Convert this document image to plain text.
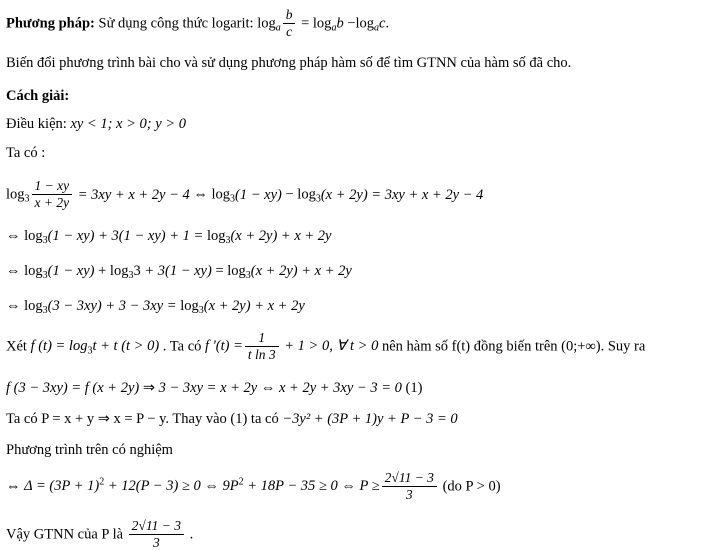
Phương pháp: Sử dụng công thức logarit: $\log_a \frac{b}{c} = \log_ab -\log_ac$.
Biến đổi phương trình bài cho và sử dụng phương pháp hàm số để tìm GTNN của hàm số đã cho.
Cách giải:
Điều kiện: xy < 1; x > 0; y > 0
Ta có :
$\log_3 \frac{1 - xy}{x + 2y} = 3xy + x + 2y - 4$ ⇔ $\log_3(1 - xy) - \log_3(x + 2y) = 3xy + x + 2y - 4$
⇔ $\log_3(1 - xy) + 3(1 - xy) + 1 = \log_3(x + 2y) + x + 2y$
⇔ $\log_3(1 - xy) + \log_33 + 3(1 - xy) = \log_3(x + 2y) + x + 2y$
⇔ $\log_3(3 - 3xy) + 3 - 3xy = \log_3(x + 2y) + x + 2y$
Xét f $(t) = \log_3t + t$ (t > 0) . Ta có f '$(t) = \frac{1}{\text{t ln 3}} + 1 > 0$, ∀ t > 0 nên hàm số f(t) đồng biến trên (0;+∞). Suy ra
f (3 − 3xy) = f (x + 2y) ⇒ 3 − 3xy = x + 2y ⇔ x + 2y + 3xy − 3 = 0 (1)
Ta có P = x + y ⇒ x = P − y. Thay vào (1) ta có −3y² + (3P + 1)y + P − 3 = 0
Phương trình trên có nghiệm
⇔ $\Delta = (3P + 1)^2 + 12(P - 3) \ge 0$ ⇔ $9P^2 + 18P - 35 \ge 0$ ⇔ $P \ge \frac{2√11 - 3}{3} (do$ P > 0)
Vậy GTNN của P là $\frac{2√11 - 3}{3}$ .
